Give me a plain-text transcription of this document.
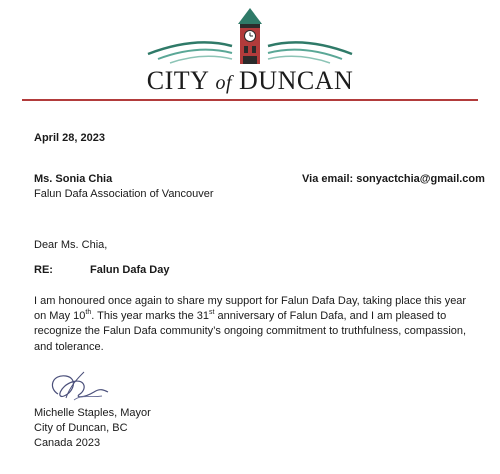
CITY of DUNCAN
April 28, 2023
Ms. Sonia Chia
Falun Dafa Association of Vancouver
Via email: sonyactchia@gmail.com
Dear Ms. Chia,
RE:	Falun Dafa Day
I am honoured once again to share my support for Falun Dafa Day, taking place this year on May 10th. This year marks the 31st anniversary of Falun Dafa, and I am pleased to recognize the Falun Dafa community’s ongoing commitment to truthfulness, compassion, and tolerance.
Michelle Staples, Mayor
City of Duncan, BC
Canada 2023
